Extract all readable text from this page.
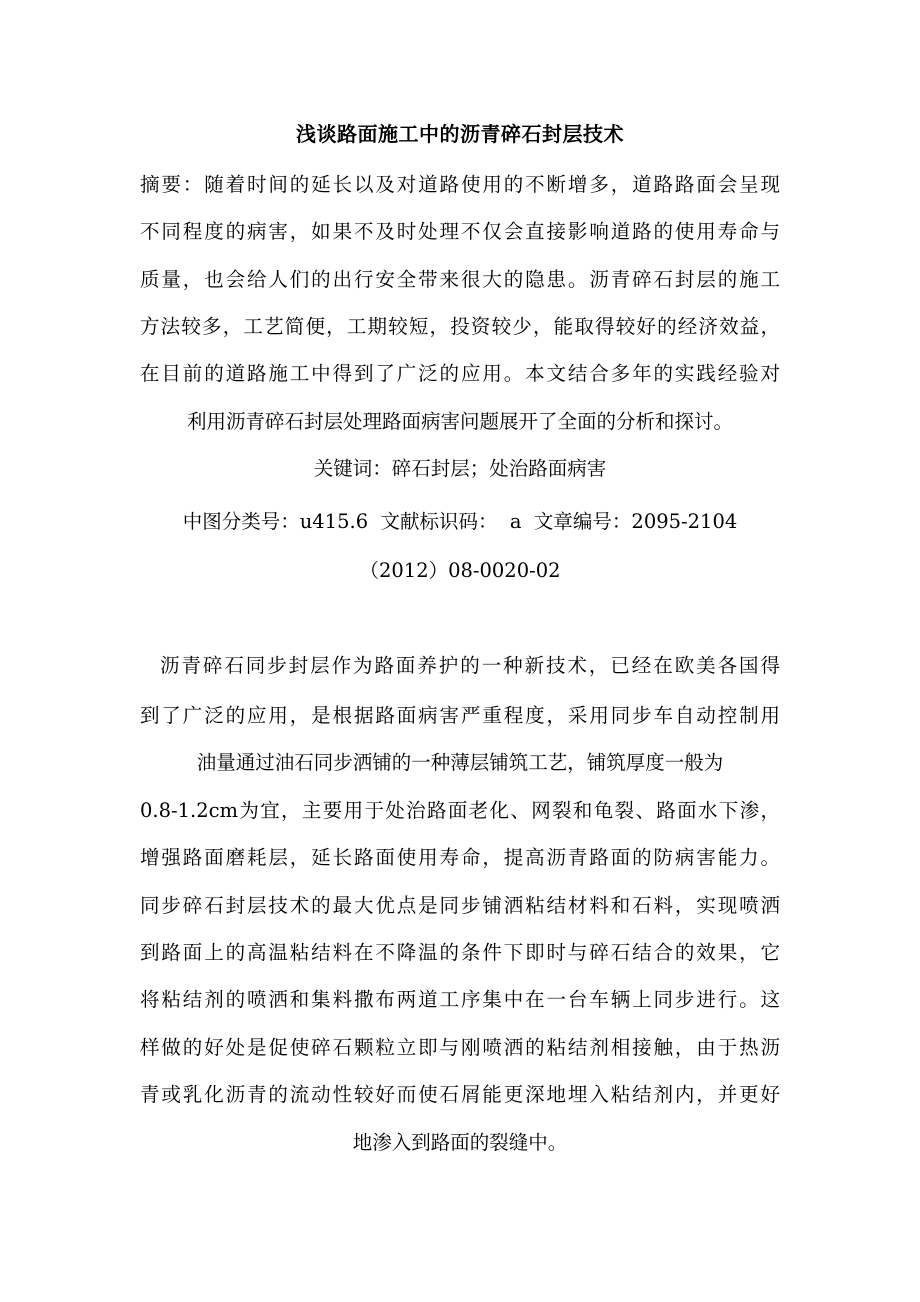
浅谈路面施工中的沥青碎石封层技术
摘要：随着时间的延长以及对道路使用的不断增多，道路路面会呈现
不同程度的病害，如果不及时处理不仅会直接影响道路的使用寿命与
质量，也会给人们的出行安全带来很大的隐患。沥青碎石封层的施工
方法较多，工艺简便，工期较短，投资较少，能取得较好的经济效益，
在目前的道路施工中得到了广泛的应用。本文结合多年的实践经验对
利用沥青碎石封层处理路面病害问题展开了全面的分析和探讨。
关键词：碎石封层；处治路面病害
中图分类号：u415.6  文献标识码：  a  文章编号：2095-2104
（2012）08-0020-02
沥青碎石同步封层作为路面养护的一种新技术，已经在欧美各国得
到了广泛的应用，是根据路面病害严重程度，采用同步车自动控制用
油量通过油石同步洒铺的一种薄层铺筑工艺，铺筑厚度一般为
0.8-1.2cm为宜，主要用于处治路面老化、网裂和龟裂、路面水下渗，
增强路面磨耗层，延长路面使用寿命，提高沥青路面的防病害能力。
同步碎石封层技术的最大优点是同步铺洒粘结材料和石料，实现喷洒
到路面上的高温粘结料在不降温的条件下即时与碎石结合的效果，它
将粘结剂的喷洒和集料撒布两道工序集中在一台车辆上同步进行。这
样做的好处是促使碎石颗粒立即与刚喷洒的粘结剂相接触，由于热沥
青或乳化沥青的流动性较好而使石屑能更深地埋入粘结剂内，并更好
地渗入到路面的裂缝中。
